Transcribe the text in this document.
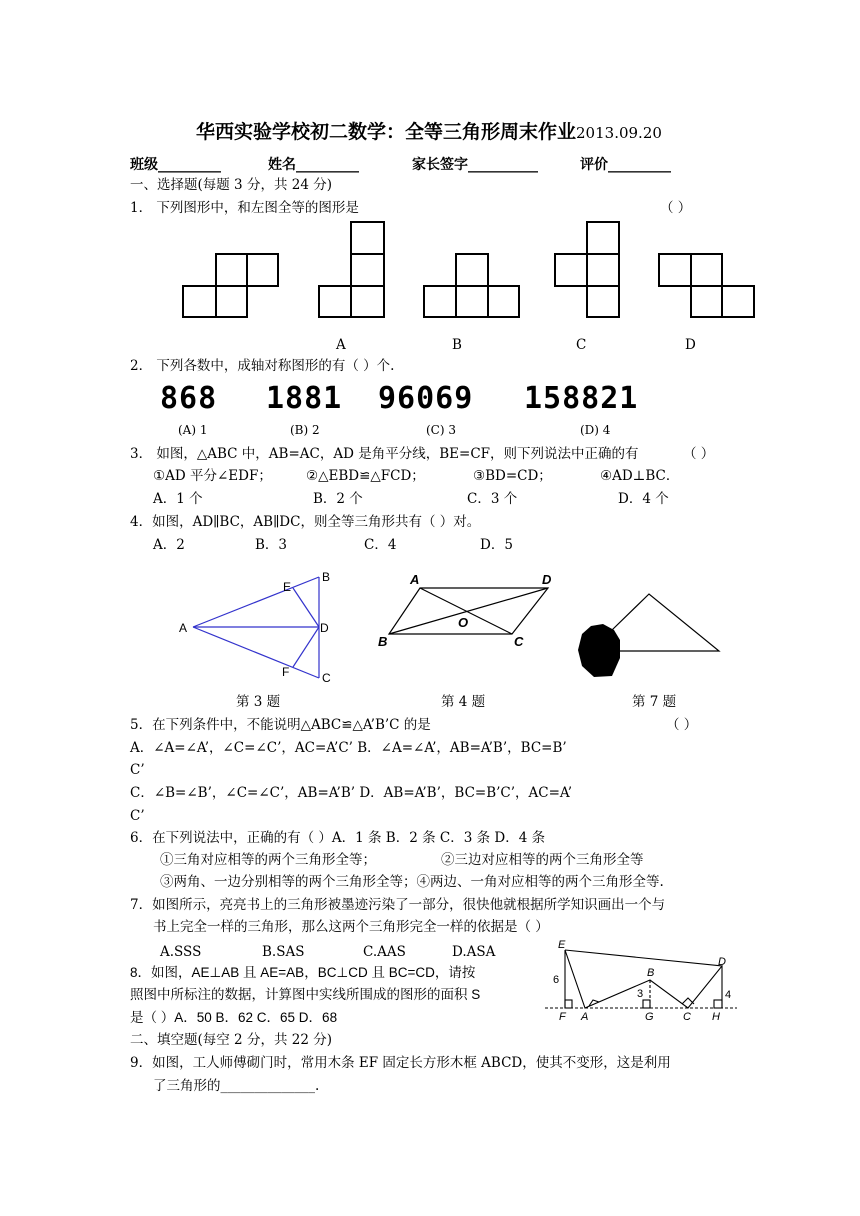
华西实验学校初二数学：全等三角形周末作业2013.09.20
班级_________	姓名_________	家长签字__________	评价_________
一、选择题(每题 3 分，共 24 分)
1． 下列图形中，和左图全等的图形是	（ ）
A	B	C	D
2． 下列各数中，成轴对称图形的有（ ）个.
868 1881 96069 158821
(A) 1	(B) 2	(C) 3	(D) 4
3． 如图，△ABC 中，AB=AC，AD 是角平分线，BE=CF，则下列说法中正确的有	（ ）
①AD 平分∠EDF；	②△EBD≌△FCD；	③BD=CD；	④AD⊥BC．
A．1 个	B．2 个	C．3 个	D．4 个
4．如图，AD∥BC，AB∥DC，则全等三角形共有（ ）对。
A．2	B．3	C．4	D．5
A
B
C
D
E
F
A
B	C
D
O
第 3 题	第 4 题	第 7 题
5．在下列条件中，不能说明△ABC≌△A’B’C 的是	（ ）
A．∠A=∠A’，∠C=∠C’，AC=A’C’ B．∠A=∠A’，AB=A’B’，BC=B’
C’
C．∠B=∠B’，∠C=∠C’，AB=A’B’ D．AB=A’B’，BC=B’C’，AC=A’
C’
6．在下列说法中，正确的有（ ）A．1 条 B．2 条 C．3 条 D．4 条
①三角对应相等的两个三角形全等；	②三边对应相等的两个三角形全等
③两角、一边分别相等的两个三角形全等；④两边、一角对应相等的两个三角形全等.
7．如图所示，亮亮书上的三角形被墨迹污染了一部分，很快他就根据所学知识画出一个与
书上完全一样的三角形，那么这两个三角形完全一样的依据是（ ）
A.SSS	B.SAS	C.AAS	D.ASA
8．如图，AE⊥AB 且 AE=AB，BC⊥CD 且 BC=CD，请按
照图中所标注的数据，计算图中实线所围成的图形的面积 S
是（ ）A．50 B．62 C．65 D．68
E
B
D
F A	G	C H
6
3	4
二、填空题(每空 2 分，共 22 分)
9．如图，工人师傅砌门时，常用木条 EF 固定长方形木框 ABCD，使其不变形，这是利用
了三角形的______________.
